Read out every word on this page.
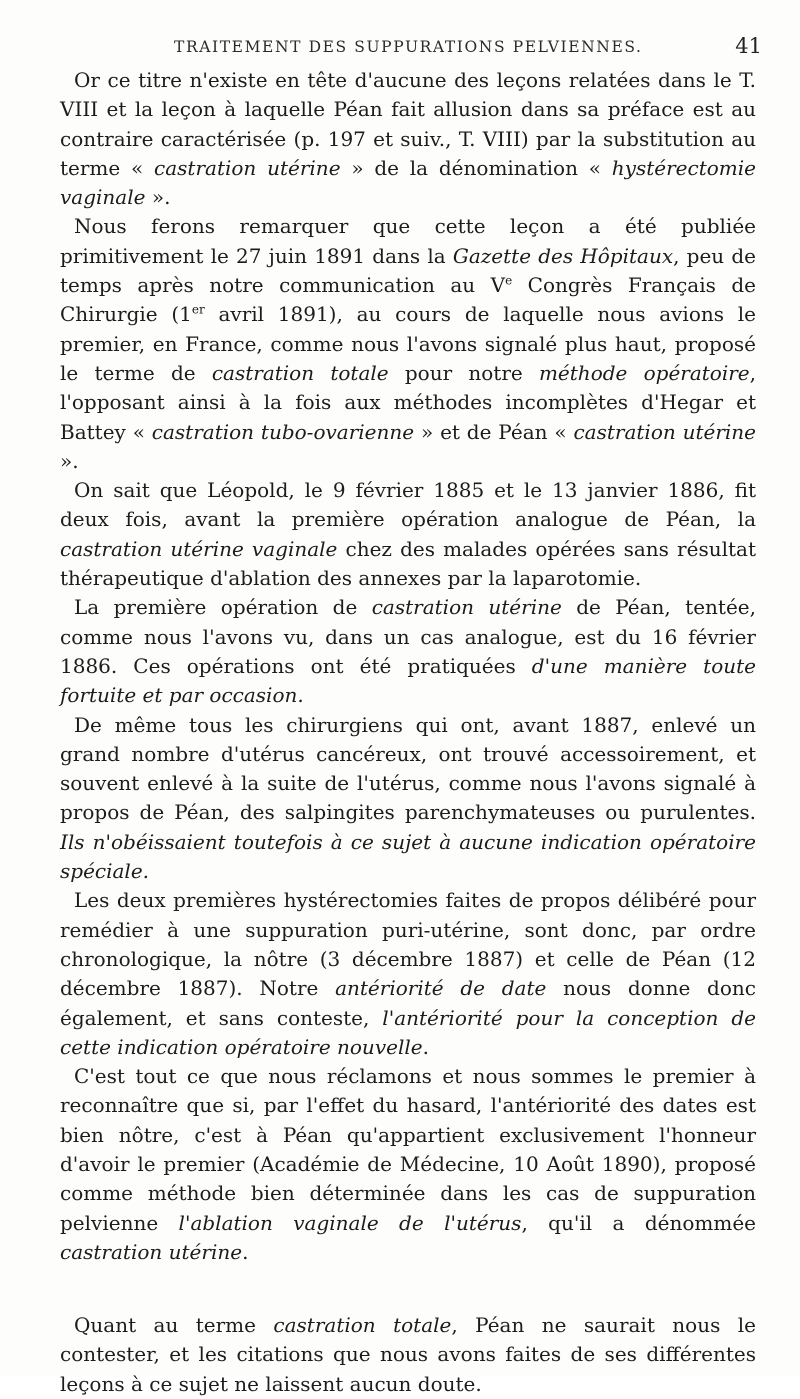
TRAITEMENT DES SUPPURATIONS PELVIENNES.	41

Or ce titre n'existe en tête d'aucune des leçons relatées dans le T. VIII et la leçon à laquelle Péan fait allusion dans sa préface est au contraire caractérisée (p. 197 et suiv., T. VIII) par la substitution au terme « castration utérine » de la dénomination « hystérectomie vaginale ».

Nous ferons remarquer que cette leçon a été publiée primitivement le 27 juin 1891 dans la Gazette des Hôpitaux, peu de temps après notre communication au Ve Congrès Français de Chirurgie (1er avril 1891), au cours de laquelle nous avions le premier, en France, comme nous l'avons signalé plus haut, proposé le terme de castration totale pour notre méthode opératoire, l'opposant ainsi à la fois aux méthodes incomplètes d'Hegar et Battey « castration tubo-ovarienne » et de Péan « castration utérine ».

On sait que Léopold, le 9 février 1885 et le 13 janvier 1886, fit deux fois, avant la première opération analogue de Péan, la castration utérine vaginale chez des malades opérées sans résultat thérapeutique d'ablation des annexes par la laparotomie.

La première opération de castration utérine de Péan, tentée, comme nous l'avons vu, dans un cas analogue, est du 16 février 1886. Ces opérations ont été pratiquées d'une manière toute fortuite et par occasion.

De même tous les chirurgiens qui ont, avant 1887, enlevé un grand nombre d'utérus cancéreux, ont trouvé accessoirement, et souvent enlevé à la suite de l'utérus, comme nous l'avons signalé à propos de Péan, des salpingites parenchymateuses ou purulentes. Ils n'obéissaient toutefois à ce sujet à aucune indication opératoire spéciale.

Les deux premières hystérectomies faites de propos délibéré pour remédier à une suppuration puri-utérine, sont donc, par ordre chronologique, la nôtre (3 décembre 1887) et celle de Péan (12 décembre 1887). Notre antériorité de date nous donne donc également, et sans conteste, l'antériorité pour la conception de cette indication opératoire nouvelle.

C'est tout ce que nous réclamons et nous sommes le premier à reconnaître que si, par l'effet du hasard, l'antériorité des dates est bien nôtre, c'est à Péan qu'appartient exclusivement l'honneur d'avoir le premier (Académie de Médecine, 10 Août 1890), proposé comme méthode bien déterminée dans les cas de suppuration pelvienne l'ablation vaginale de l'utérus, qu'il a dénommée castration utérine.

Quant au terme castration totale, Péan ne saurait nous le contester, et les citations que nous avons faites de ses différentes leçons à ce sujet ne laissent aucun doute.
